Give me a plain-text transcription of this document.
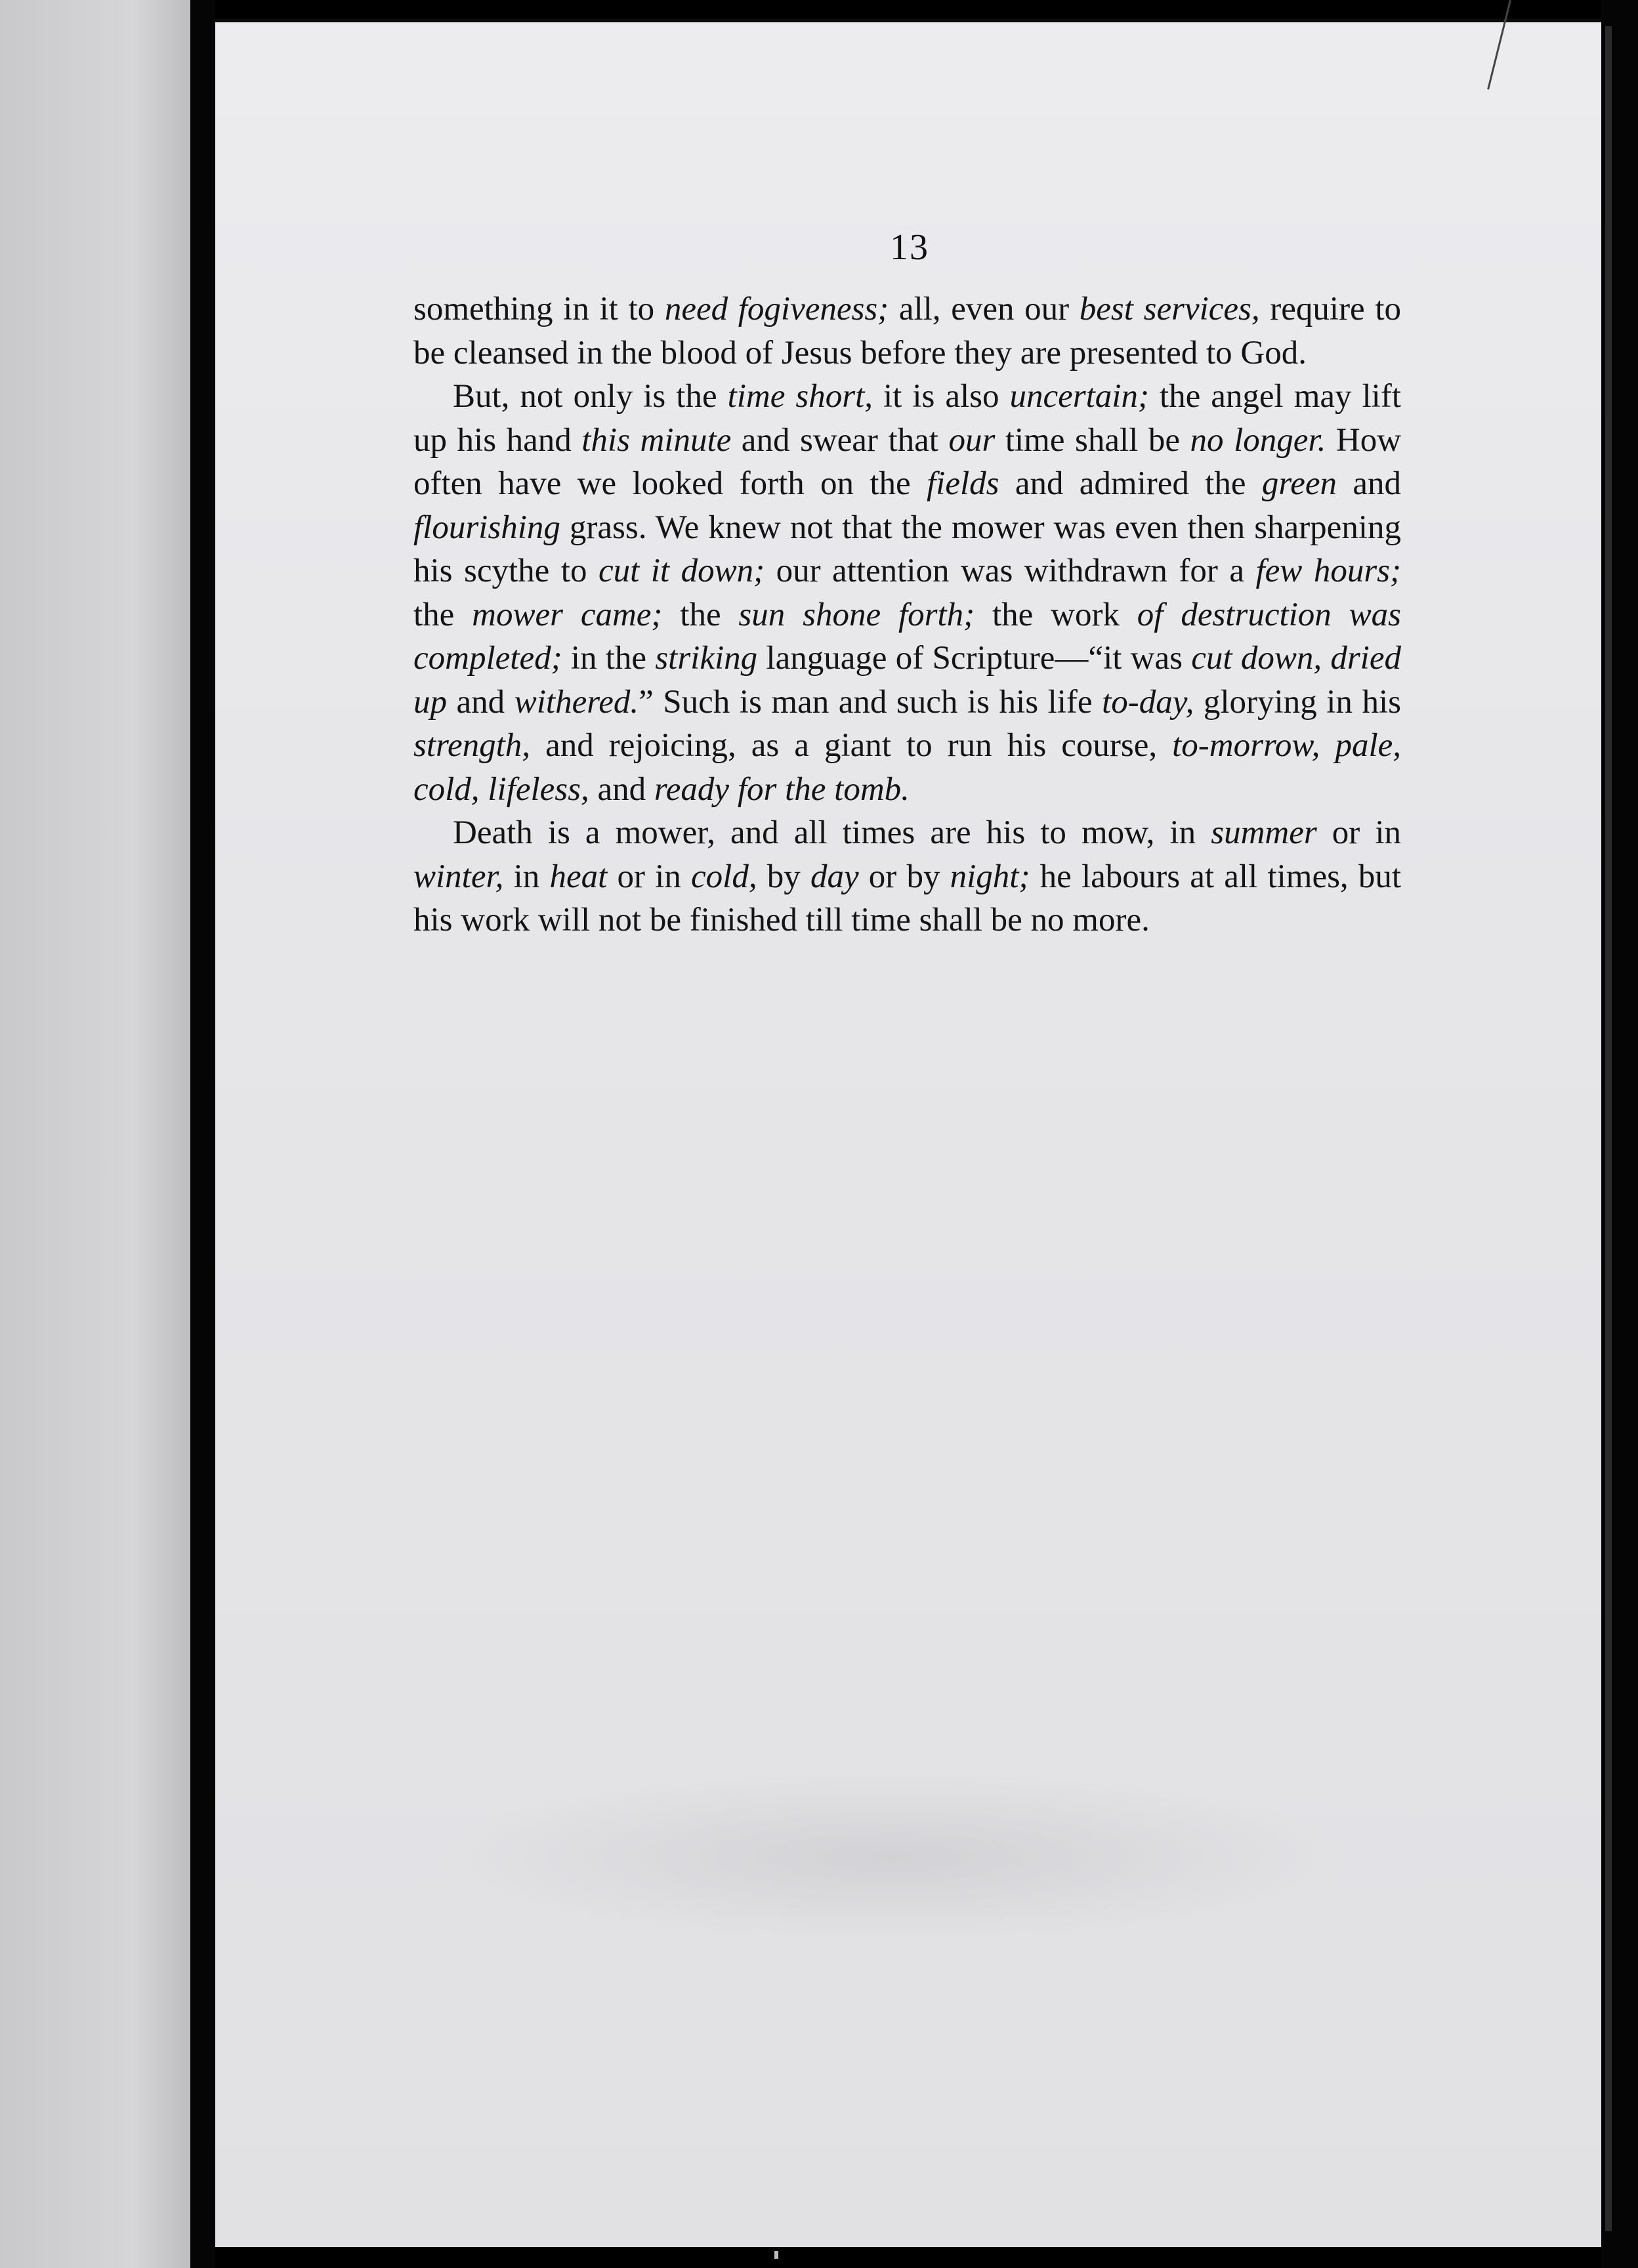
13

something in it to need fogiveness; all, even our best services, require to be cleansed in the blood of Jesus before they are presented to God.

But, not only is the time short, it is also uncertain; the angel may lift up his hand this minute and swear that our time shall be no longer. How often have we looked forth on the fields and admired the green and flourishing grass. We knew not that the mower was even then sharpening his scythe to cut it down; our attention was withdrawn for a few hours; the mower came; the sun shone forth; the work of destruction was completed; in the striking language of Scripture—“it was cut down, dried up and withered.” Such is man and such is his life to-day, glorying in his strength, and rejoicing, as a giant to run his course, to-morrow, pale, cold, lifeless, and ready for the tomb.

Death is a mower, and all times are his to mow, in summer or in winter, in heat or in cold, by day or by night; he labours at all times, but his work will not be finished till time shall be no more.
